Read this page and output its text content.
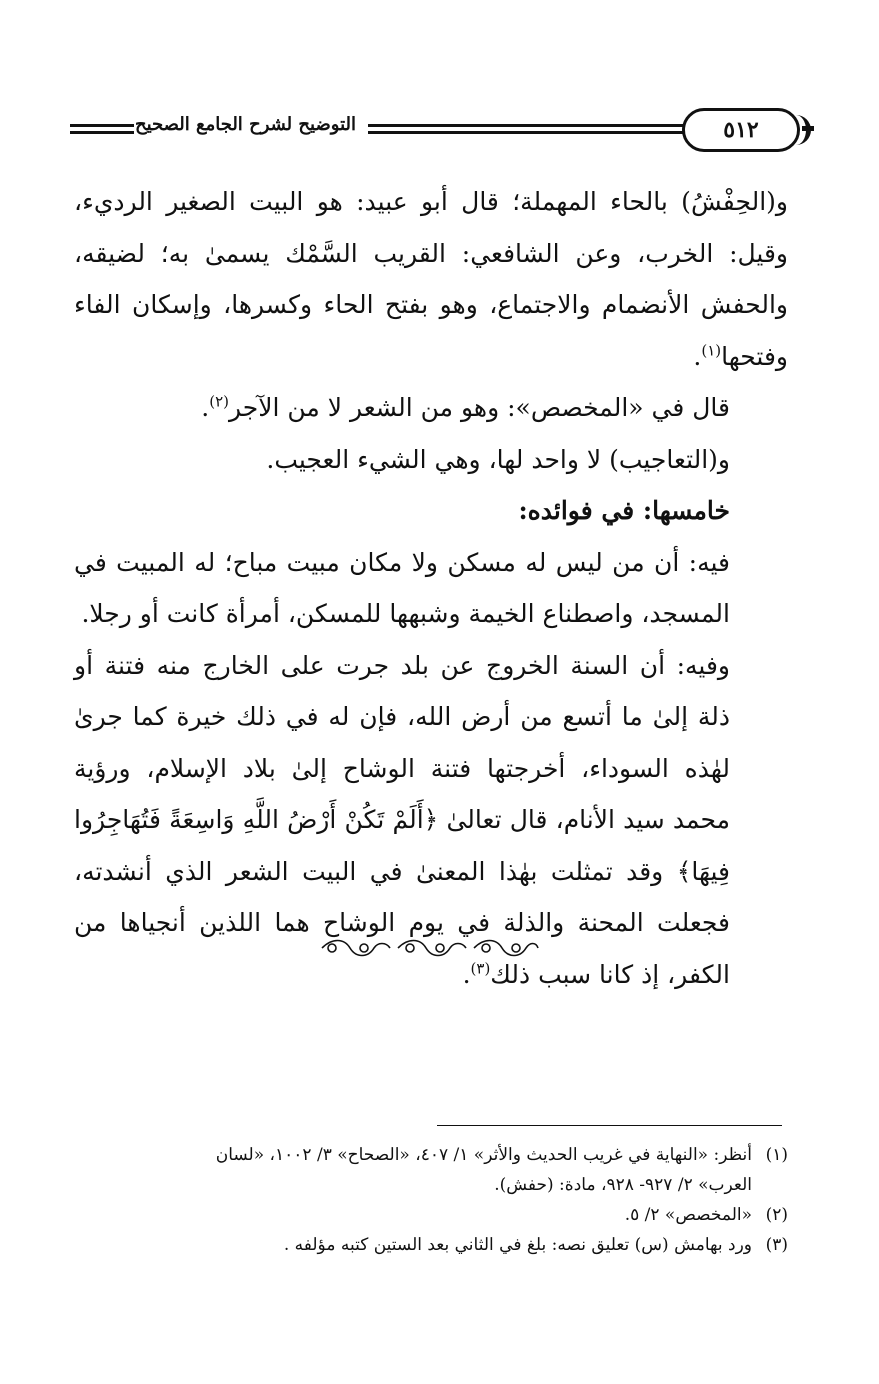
التوضيح لشرح الجامع الصحيح	٥١٢

و(الحِفْشُ) بالحاء المهملة؛ قال أبو عبيد: هو البيت الصغير الرديء، وقيل: الخرب، وعن الشافعي: القريب السَّمْك يسمىٰ به؛ لضيقه، والحفش الأنضمام والاجتماع، وهو بفتح الحاء وكسرها، وإسكان الفاء وفتحها$^{(١)}$.

قال في «المخصص»: وهو من الشعر لا من الآجر$^{(٢)}$.

و(التعاجيب) لا واحد لها، وهي الشيء العجيب.

خامسها: في فوائده:

فيه: أن من ليس له مسكن ولا مكان مبيت مباح؛ له المبيت في المسجد، واصطناع الخيمة وشبهها للمسكن، أمرأة كانت أو رجلا.

وفيه: أن السنة الخروج عن بلد جرت على الخارج منه فتنة أو ذلة إلىٰ ما أتسع من أرض الله، فإن له في ذلك خيرة كما جرىٰ لهٰذه السوداء، أخرجتها فتنة الوشاح إلىٰ بلاد الإسلام، ورؤية محمد سيد الأنام، قال تعالىٰ ﴿أَلَمْ تَكُنْ أَرْضُ اللَّهِ وَاسِعَةً فَتُهَاجِرُوا فِيهَا﴾ وقد تمثلت بهٰذا المعنىٰ في البيت الشعر الذي أنشدته، فجعلت المحنة والذلة في يوم الوشاح هما اللذين أنجياها من الكفر، إذ كانا سبب ذلك$^{(٣)}$.

(١)أنظر: «النهاية في غريب الحديث والأثر» ١/ ٤٠٧، «الصحاح» ٣/ ١٠٠٢، «لسان

العرب» ٢/ ٩٢٧- ٩٢٨، مادة: (حفش).

(٢)«المخصص» ٢/ ٥.

(٣)ورد بهامش (س) تعليق نصه: بلغ في الثاني بعد الستين كتبه مؤلفه .
